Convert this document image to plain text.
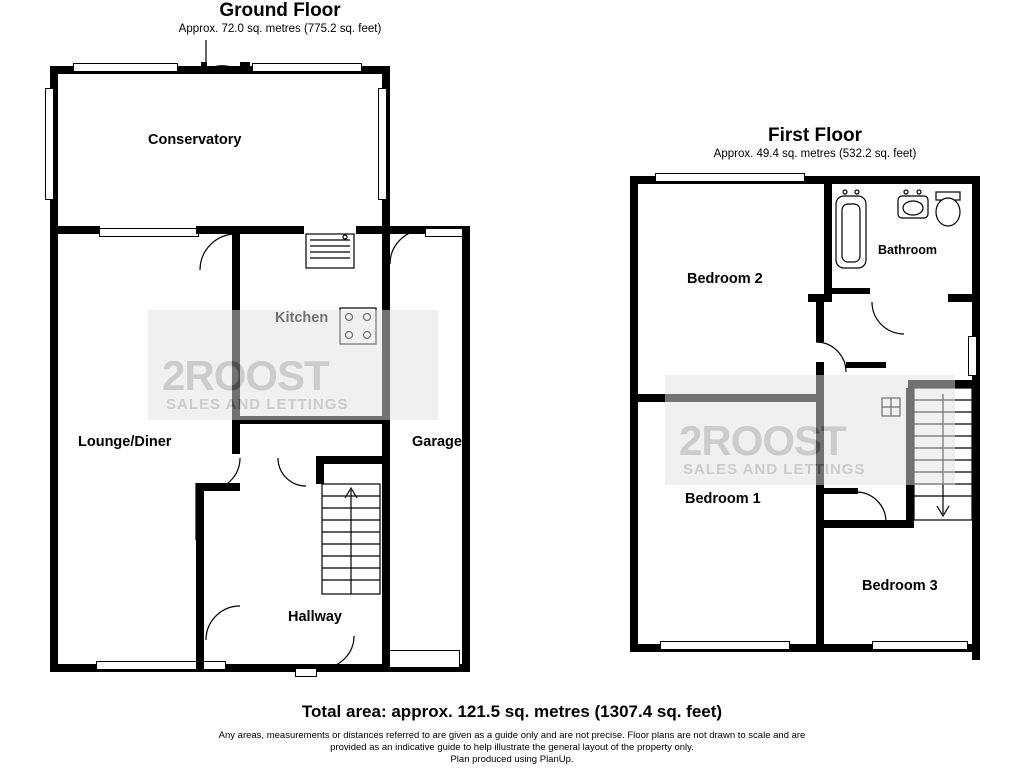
Ground Floor
Approx. 72.0 sq. metres (775.2 sq. feet)
Conservatory
Lounge/Diner	Garage
Hallway
First Floor
Approx. 49.4 sq. metres (532.2 sq. feet)
Bedroom 2
Bathroom
Bedroom 1
Bedroom 3
2ROOST
SALES AND LETTINGS
2ROOST
SALES AND LETTINGS
Total area: approx. 121.5 sq. metres (1307.4 sq. feet)
Any areas, measurements or distances referred to are given as a guide only and are not precise. Floor plans are not drawn to scale and are
provided as an indicative guide to help illustrate the general layout of the property only.
Plan produced using PlanUp.
